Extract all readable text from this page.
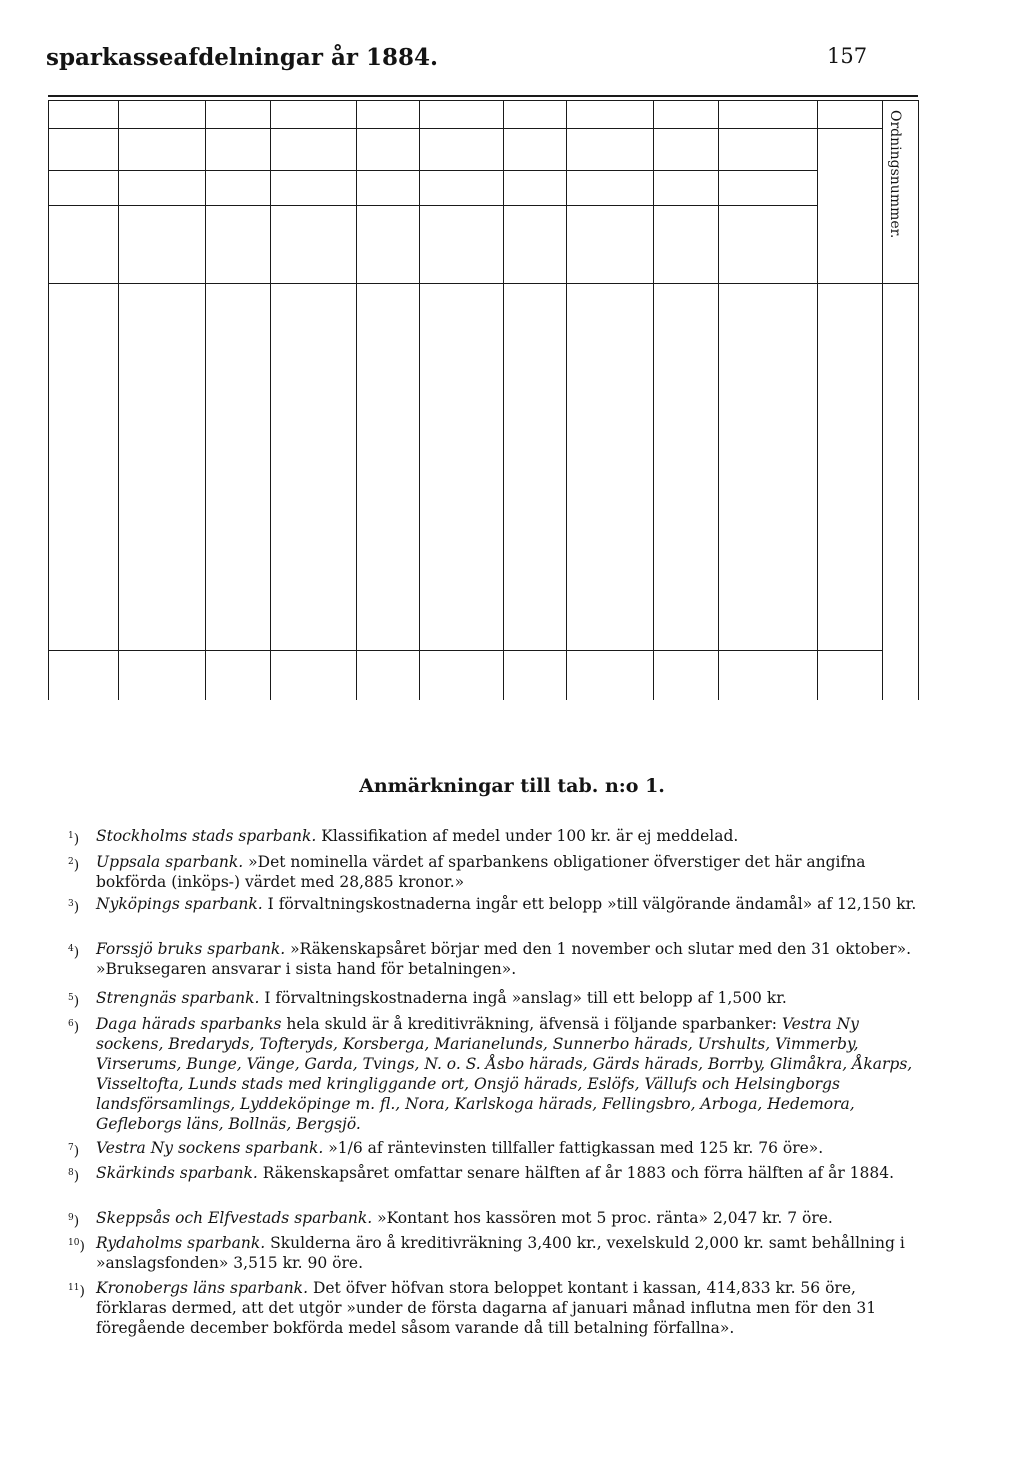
sparkasseafdelningar år 1884.	157
Ordningsnummer.
Anmärkningar till tab. n:o 1.
$^1$) Stockholms stads sparbank. Klassifikation af medel under 100 kr. är ej meddelad.
$^2$) Uppsala sparbank. »Det nominella värdet af sparbankens obligationer öfverstiger det här angifna bokförda (inköps-) värdet med 28,885 kronor.»
$^3$) Nyköpings sparbank. I förvaltningskostnaderna ingår ett belopp »till välgörande ändamål» af 12,150 kr.
$^4$) Forssjö bruks sparbank. »Räkenskapsåret börjar med den 1 november och slutar med den 31 oktober». »Bruksegaren ansvarar i sista hand för betalningen».
$^5$) Strengnäs sparbank. I förvaltningskostnaderna ingå »anslag» till ett belopp af 1,500 kr.
$^6$) Daga härads sparbanks hela skuld är å kreditivräkning, äfvensä i följande sparbanker: Vestra Ny sockens, Bredaryds, Tofteryds, Korsberga, Marianelunds, Sunnerbo härads, Urshults, Vimmerby, Virserums, Bunge, Vänge, Garda, Tvings, N. o. S. Åsbo härads, Gärds härads, Borrby, Glimåkra, Åkarps, Visseltofta, Lunds stads med kringliggande ort, Onsjö härads, Eslöfs, Vällufs och Helsingborgs landsförsamlings, Lyddeköpinge m. fl., Nora, Karlskoga härads, Fellingsbro, Arboga, Hedemora, Gefleborgs läns, Bollnäs, Bergsjö.
$^7$) Vestra Ny sockens sparbank. »1/6 af räntevinsten tillfaller fattigkassan med 125 kr. 76 öre».
$^8$) Skärkinds sparbank. Räkenskapsåret omfattar senare hälften af år 1883 och förra hälften af år 1884.
$^9$) Skeppsås och Elfvestads sparbank. »Kontant hos kassören mot 5 proc. ränta» 2,047 kr. 7 öre.
$^{10}$) Rydaholms sparbank. Skulderna äro å kreditivräkning 3,400 kr., vexelskuld 2,000 kr. samt behållning i »anslagsfonden» 3,515 kr. 90 öre.
$^{11}$) Kronobergs läns sparbank. Det öfver höfvan stora beloppet kontant i kassan, 414,833 kr. 56 öre, förklaras dermed, att det utgör »under de första dagarna af januari månad influtna men för den 31 föregående december bokförda medel såsom varande då till betalning förfallna».
